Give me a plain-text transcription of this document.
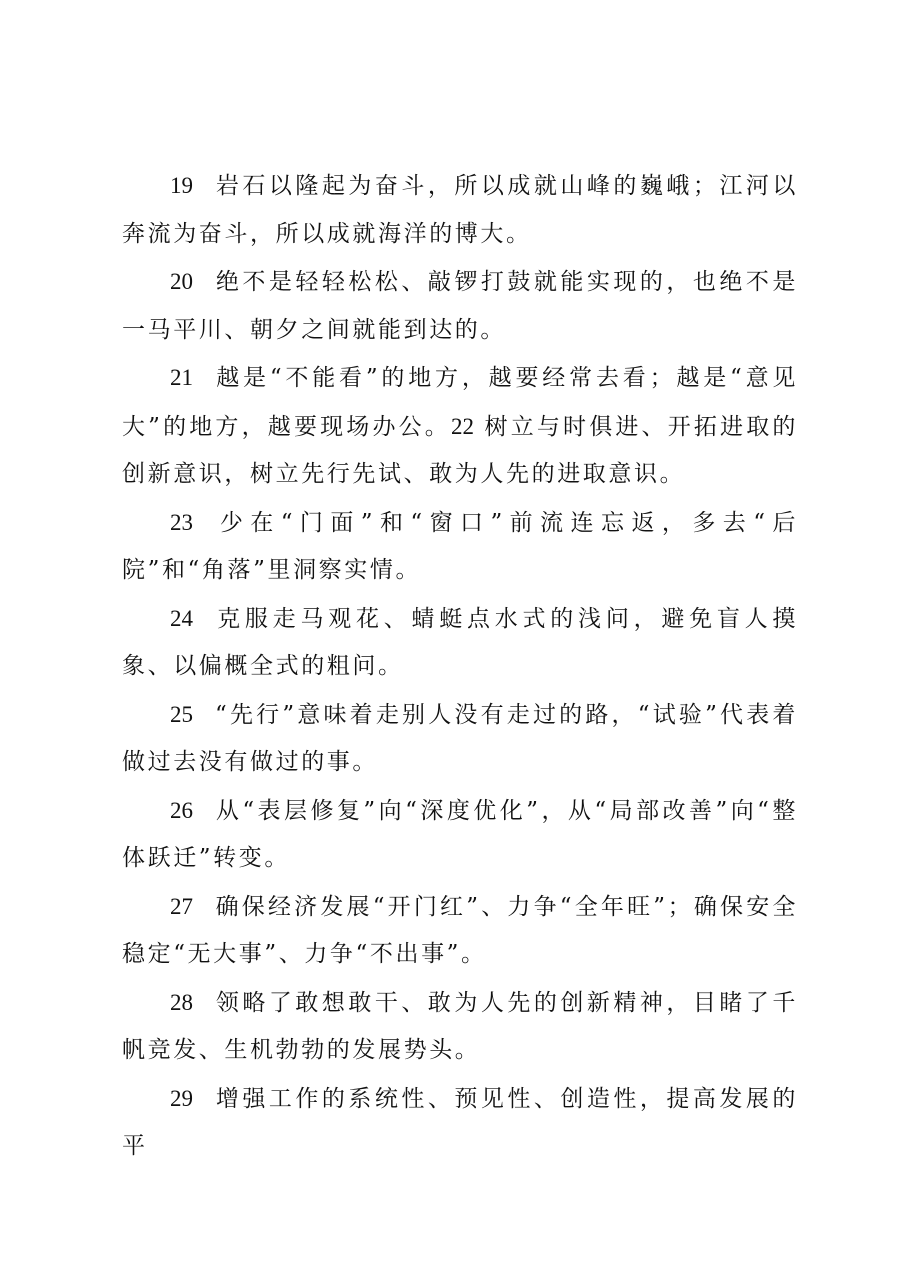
19 岩石以隆起为奋斗，所以成就山峰的巍峨；江河以奔流为奋斗，所以成就海洋的博大。

20 绝不是轻轻松松、敲锣打鼓就能实现的，也绝不是一马平川、朝夕之间就能到达的。

21 越是“不能看”的地方，越要经常去看；越是“意见大”的地方，越要现场办公。22 树立与时俱进、开拓进取的创新意识，树立先行先试、敢为人先的进取意识。

23 少在“门面”和“窗口”前流连忘返，多去“后院”和“角落”里洞察实情。

24 克服走马观花、蜻蜓点水式的浅问，避免盲人摸象、以偏概全式的粗问。

25 “先行”意味着走别人没有走过的路，“试验”代表着做过去没有做过的事。

26 从“表层修复”向“深度优化”，从“局部改善”向“整体跃迁”转变。

27 确保经济发展“开门红”、力争“全年旺”；确保安全稳定“无大事”、力争“不出事”。

28 领略了敢想敢干、敢为人先的创新精神，目睹了千帆竞发、生机勃勃的发展势头。

29 增强工作的系统性、预见性、创造性，提高发展的平
